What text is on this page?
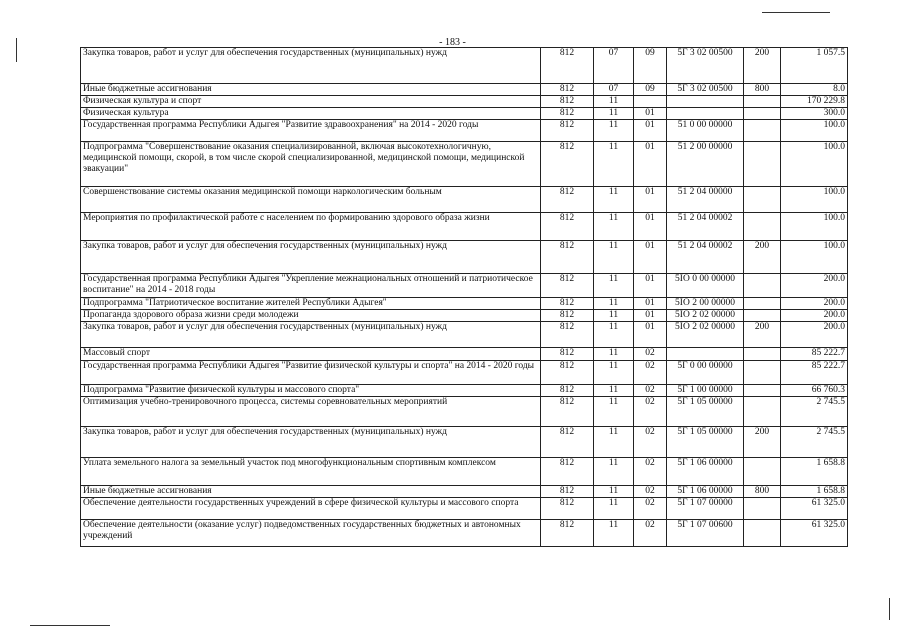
- 183 -
Закупка товаров, работ и услуг для обеспечения государственных (муниципальных) нужд	812	07	09	5Г 3 02 00500	200	1 057.5
Иные бюджетные ассигнования	812	07	09	5Г 3 02 00500	800	8.0
Физическая культура и спорт	812	11				170 229.8
Физическая культура	812	11	01			300.0
Государственная программа Республики Адыгея "Развитие здравоохранения" на 2014 - 2020 годы	812	11	01	51 0 00 00000		100.0
Подпрограмма "Совершенствование оказания специализированной, включая высокотехнологичную, медицинской помощи, скорой, в том числе скорой специализированной, медицинской помощи, медицинской эвакуации"	812	11	01	51 2 00 00000		100.0
Совершенствование системы оказания медицинской помощи наркологическим больным	812	11	01	51 2 04 00000		100.0
Мероприятия по профилактической работе с населением по формированию здорового образа жизни	812	11	01	51 2 04 00002		100.0
Закупка товаров, работ и услуг для обеспечения государственных (муниципальных) нужд	812	11	01	51 2 04 00002	200	100.0
Государственная программа Республики Адыгея "Укрепление межнациональных отношений и патриотическое воспитание" на 2014 - 2018 годы	812	11	01	5IO 0 00 00000		200.0
Подпрограмма "Патриотическое воспитание жителей Республики Адыгея"	812	11	01	5IO 2 00 00000		200.0
Пропаганда здорового образа жизни среди молодежи	812	11	01	5IO 2 02 00000		200.0
Закупка товаров, работ и услуг для обеспечения государственных (муниципальных) нужд	812	11	01	5IO 2 02 00000	200	200.0
Массовый спорт	812	11	02			85 222.7
Государственная программа Республики Адыгея "Развитие физической культуры и спорта" на 2014 - 2020 годы	812	11	02	5Г 0 00 00000		85 222.7
Подпрограмма "Развитие физической культуры и массового спорта"	812	11	02	5Г 1 00 00000		66 760.3
Оптимизация учебно-тренировочного процесса, системы соревновательных мероприятий	812	11	02	5Г 1 05 00000		2 745.5
Закупка товаров, работ и услуг для обеспечения государственных (муниципальных) нужд	812	11	02	5Г 1 05 00000	200	2 745.5
Уплата земельного налога за земельный участок под многофункциональным спортивным комплексом	812	11	02	5Г 1 06 00000		1 658.8
Иные бюджетные ассигнования	812	11	02	5Г 1 06 00000	800	1 658.8
Обеспечение деятельности государственных учреждений в сфере физической культуры и массового спорта	812	11	02	5Г 1 07 00000		61 325.0
Обеспечение деятельности (оказание услуг) подведомственных государственных бюджетных и автономных учреждений	812	11	02	5Г 1 07 00600		61 325.0
